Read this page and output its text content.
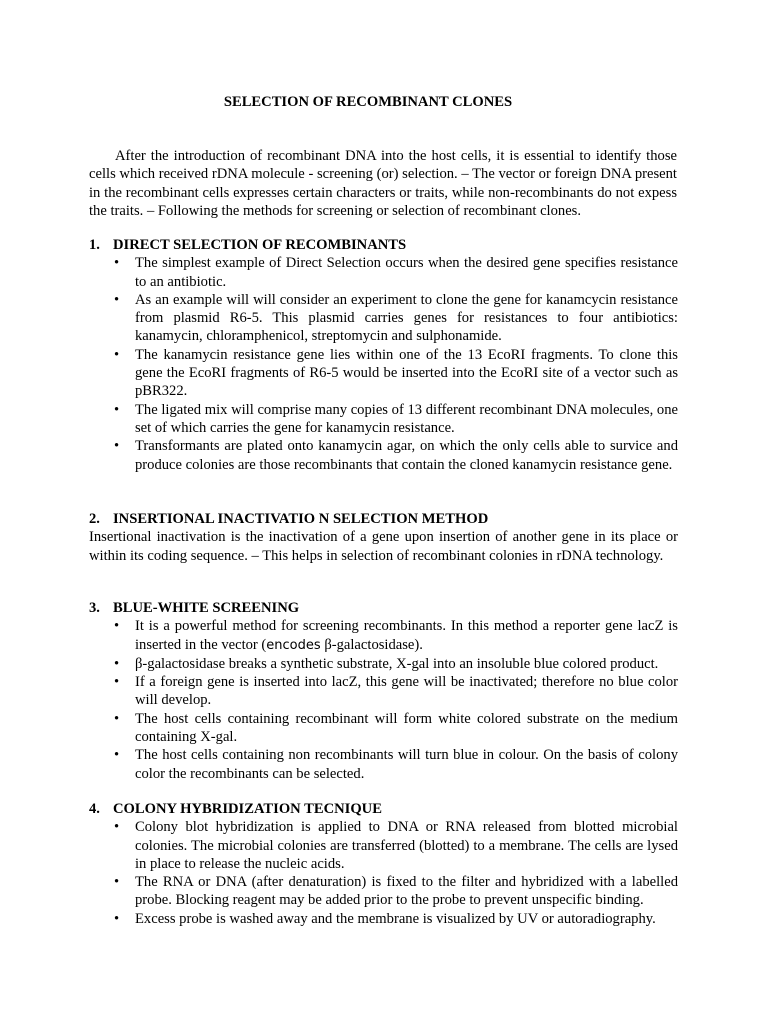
SELECTION OF RECOMBINANT CLONES

After the introduction of recombinant DNA into the host cells, it is essential to identify those cells which received rDNA molecule - screening (or) selection. – The vector or foreign DNA present in the recombinant cells expresses certain characters or traits, while non-recombinants do not expess the traits. – Following the methods for screening or selection of recombinant clones.

1. DIRECT SELECTION OF RECOMBINANTS

• The simplest example of Direct Selection occurs when the desired gene specifies resistance to an antibiotic.
• As an example will will consider an experiment to clone the gene for kanamcycin resistance from plasmid R6-5. This plasmid carries genes for resistances to four antibiotics: kanamycin, chloramphenicol, streptomycin and sulphonamide.
• The kanamycin resistance gene lies within one of the 13 EcoRI fragments. To clone this gene the EcoRI fragments of R6-5 would be inserted into the EcoRI site of a vector such as pBR322.
• The ligated mix will comprise many copies of 13 different recombinant DNA molecules, one set of which carries the gene for kanamycin resistance.
• Transformants are plated onto kanamycin agar, on which the only cells able to survice and produce colonies are those recombinants that contain the cloned kanamycin resistance gene.

2. INSERTIONAL INACTIVATIO N SELECTION METHOD

Insertional inactivation is the inactivation of a gene upon insertion of another gene in its place or within its coding sequence. – This helps in selection of recombinant colonies in rDNA technology.

3. BLUE-WHITE SCREENING

• It is a powerful method for screening recombinants. In this method a reporter gene lacZ is inserted in the vector (encodes β-galactosidase).
• β-galactosidase breaks a synthetic substrate, X-gal into an insoluble blue colored product.
• If a foreign gene is inserted into lacZ, this gene will be inactivated; therefore no blue color will develop.
• The host cells containing recombinant will form white colored substrate on the medium containing X-gal.
• The host cells containing non recombinants will turn blue in colour. On the basis of colony color the recombinants can be selected.

4. COLONY HYBRIDIZATION TECNIQUE

• Colony blot hybridization is applied to DNA or RNA released from blotted microbial colonies. The microbial colonies are transferred (blotted) to a membrane. The cells are lysed in place to release the nucleic acids.
• The RNA or DNA (after denaturation) is fixed to the filter and hybridized with a labelled probe. Blocking reagent may be added prior to the probe to prevent unspecific binding.
• Excess probe is washed away and the membrane is visualized by UV or autoradiography.
